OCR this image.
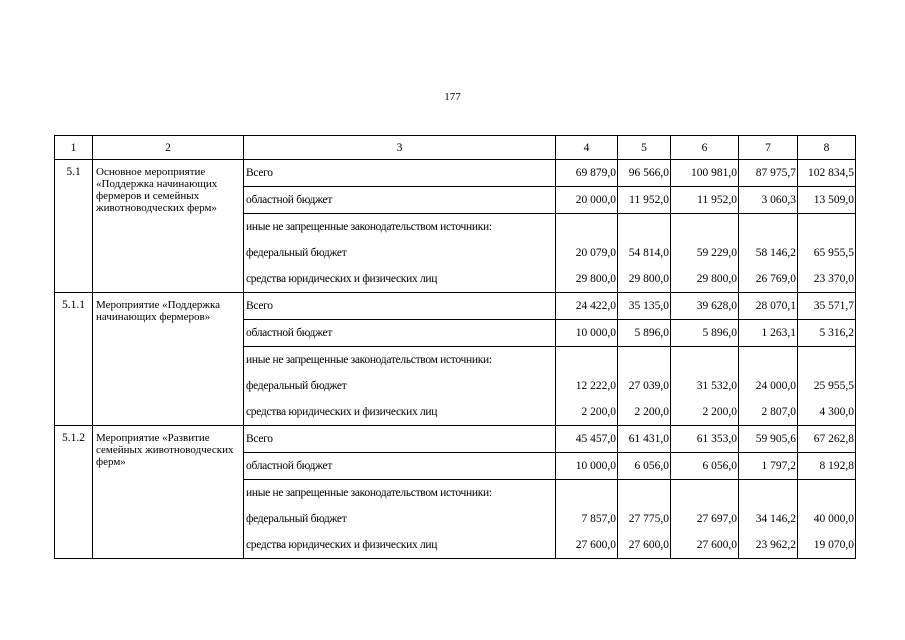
177
1	2	3	4	5	6	7	8
5.1	Основное мероприятие «Поддержка начинающих фермеров и семейных животноводческих ферм»	Всего	69 879,0	96 566,0	100 981,0	87 975,7	102 834,5
		областной бюджет	20 000,0	11 952,0	11 952,0	3 060,3	13 509,0
		иные не запрещенные законодательством источники:					
		федеральный бюджет	20 079,0	54 814,0	59 229,0	58 146,2	65 955,5
		средства юридических и физических лиц	29 800,0	29 800,0	29 800,0	26 769,0	23 370,0
5.1.1	Мероприятие «Поддержка начинающих фермеров»	Всего	24 422,0	35 135,0	39 628,0	28 070,1	35 571,7
		областной бюджет	10 000,0	5 896,0	5 896,0	1 263,1	5 316,2
		иные не запрещенные законодательством источники:					
		федеральный бюджет	12 222,0	27 039,0	31 532,0	24 000,0	25 955,5
		средства юридических и физических лиц	2 200,0	2 200,0	2 200,0	2 807,0	4 300,0
5.1.2	Мероприятие «Развитие семейных животноводческих ферм»	Всего	45 457,0	61 431,0	61 353,0	59 905,6	67 262,8
		областной бюджет	10 000,0	6 056,0	6 056,0	1 797,2	8 192,8
		иные не запрещенные законодательством источники:					
		федеральный бюджет	7 857,0	27 775,0	27 697,0	34 146,2	40 000,0
		средства юридических и физических лиц	27 600,0	27 600,0	27 600,0	23 962,2	19 070,0
